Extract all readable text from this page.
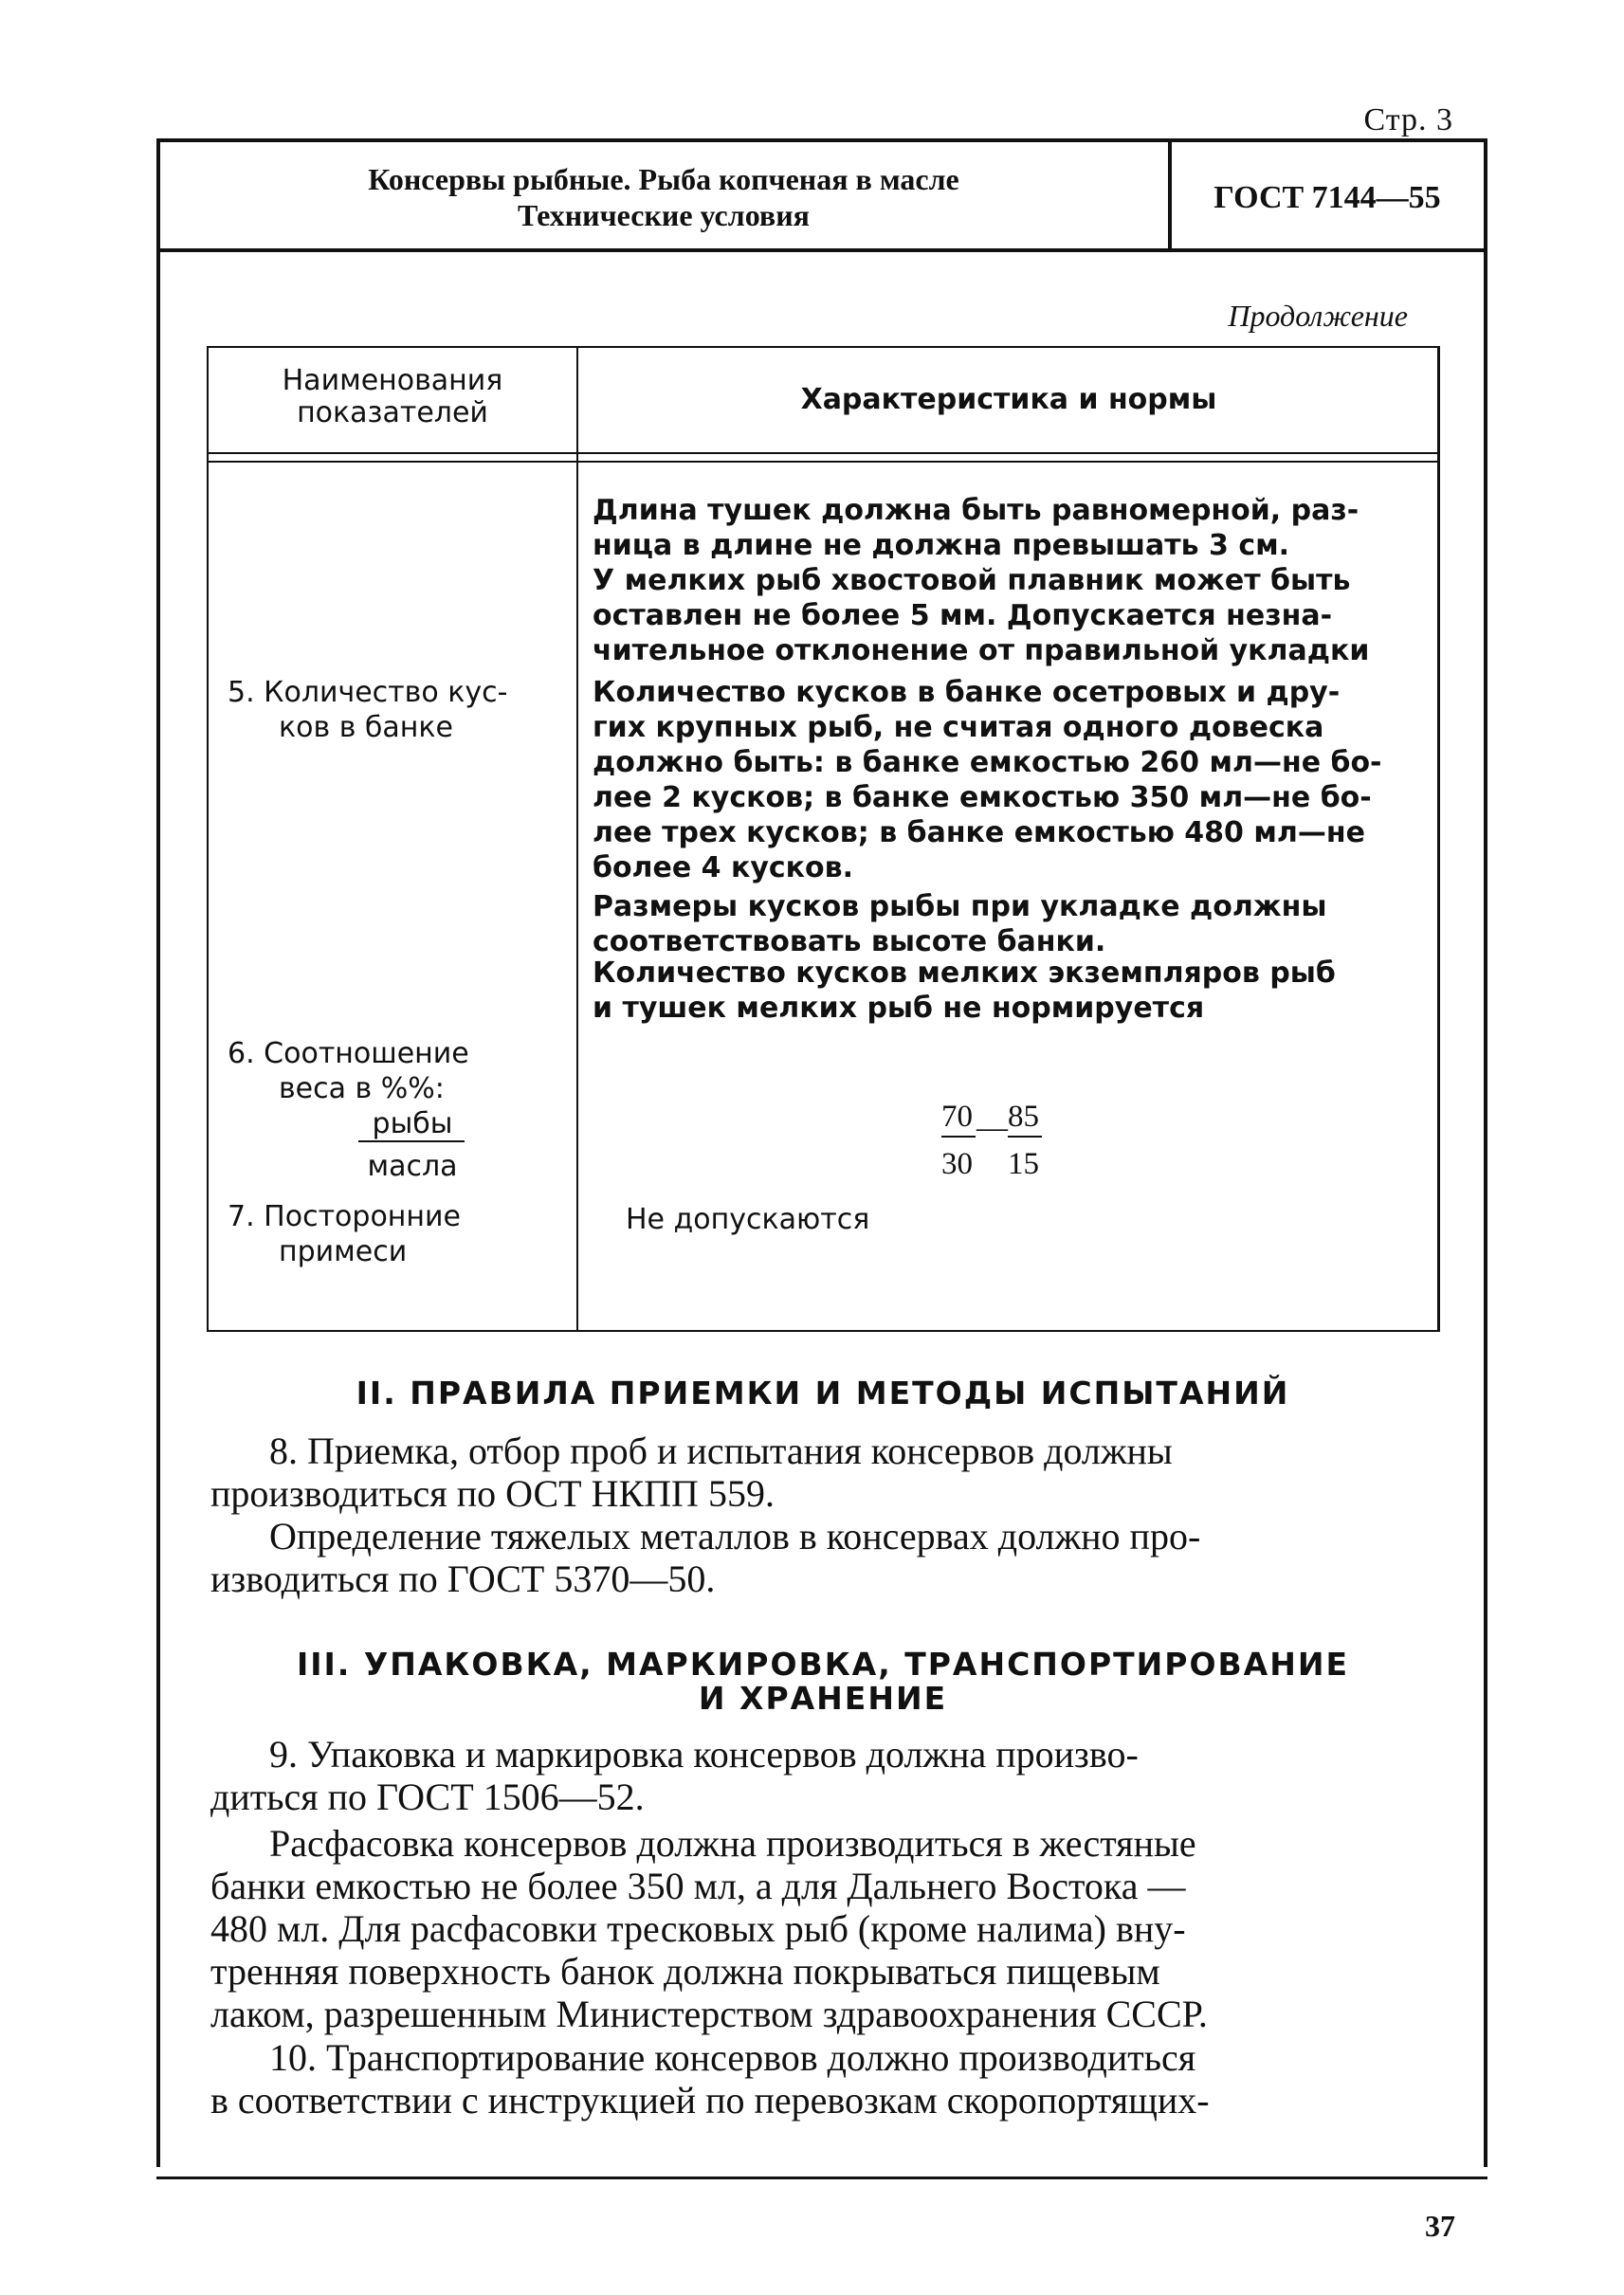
Стр. 3
Консервы рыбные. Рыба копченая в масле
Технические условия	ГОСТ 7144—55
Продолжение
Наименования
показателей	Характеристика и нормы
Длина тушек должна быть равномерной, раз-
ница в длине не должна превышать 3 см.
У мелких рыб хвостовой плавник может быть
оставлен не более 5 мм. Допускается незна-
чительное отклонение от правильной укладки
5. Количество кус-
ков в банке
Количество кусков в банке осетровых и дру-
гих крупных рыб, не считая одного довеска
должно быть: в банке емкостью 260 мл—не бо-
лее 2 кусков; в банке емкостью 350 мл—не бо-
лее трех кусков; в банке емкостью 480 мл—не
более 4 кусков.
Размеры кусков рыбы при укладке должны
соответствовать высоте банки.
Количество кусков мелких экземпляров рыб
и тушек мелких рыб не нормируется
6. Соотношение
веса в %%:
рыбы
масла
70
30
— 85
15
7. Посторонние
примеси
Не допускаются
II. ПРАВИЛА ПРИЕМКИ И МЕТОДЫ ИСПЫТАНИЙ
8. Приемка, отбор проб и испытания консервов должны
производиться по ОСТ НКПП 559.
Определение тяжелых металлов в консервах должно про-
изводиться по ГОСТ 5370—50.
III. УПАКОВКА, МАРКИРОВКА, ТРАНСПОРТИРОВАНИЕ
И ХРАНЕНИЕ
9. Упаковка и маркировка консервов должна произво-
диться по ГОСТ 1506—52.
Расфасовка консервов должна производиться в жестяные
банки емкостью не более 350 мл, а для Дальнего Востока —
480 мл. Для расфасовки тресковых рыб (кроме налима) вну-
тренняя поверхность банок должна покрываться пищевым
лаком, разрешенным Министерством здравоохранения СССР.
10. Транспортирование консервов должно производиться
в соответствии с инструкцией по перевозкам скоропортящих-
37
